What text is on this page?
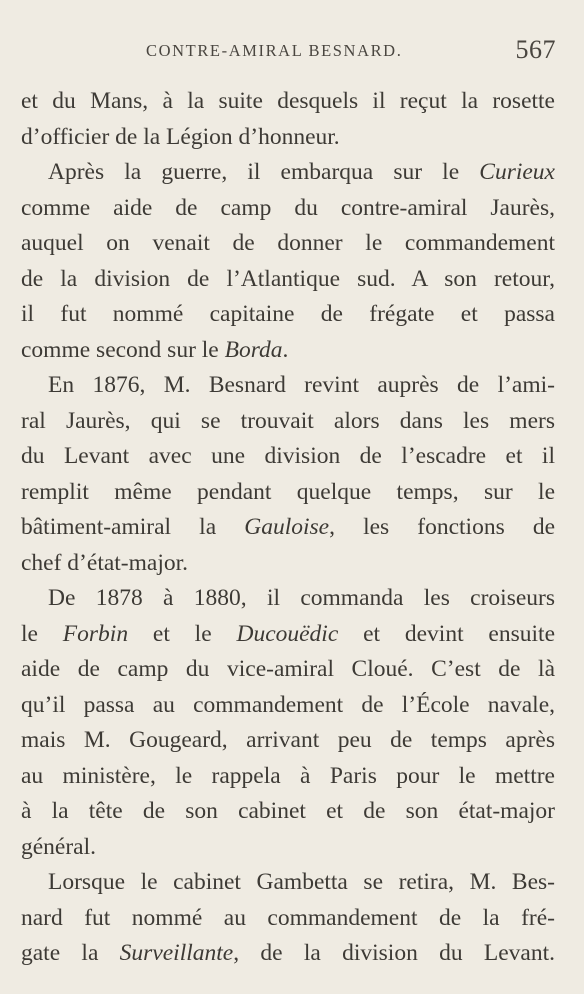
CONTRE-AMIRAL BESNARD.	567
et du Mans, à la suite desquels il reçut la rosette
d’officier de la Légion d’honneur.
Après la guerre, il embarqua sur le Curieux
comme aide de camp du contre-amiral Jaurès,
auquel on venait de donner le commandement
de la division de l’Atlantique sud. A son retour,
il fut nommé capitaine de frégate et passa
comme second sur le Borda.
En 1876, M. Besnard revint auprès de l’ami-
ral Jaurès, qui se trouvait alors dans les mers
du Levant avec une division de l’escadre et il
remplit même pendant quelque temps, sur le
bâtiment-amiral la Gauloise, les fonctions de
chef d’état-major.
De 1878 à 1880, il commanda les croiseurs
le Forbin et le Ducouëdic et devint ensuite
aide de camp du vice-amiral Cloué. C’est de là
qu’il passa au commandement de l’École navale,
mais M. Gougeard, arrivant peu de temps après
au ministère, le rappela à Paris pour le mettre
à la tête de son cabinet et de son état-major
général.
Lorsque le cabinet Gambetta se retira, M. Bes-
nard fut nommé au commandement de la fré-
gate la Surveillante, de la division du Levant.
